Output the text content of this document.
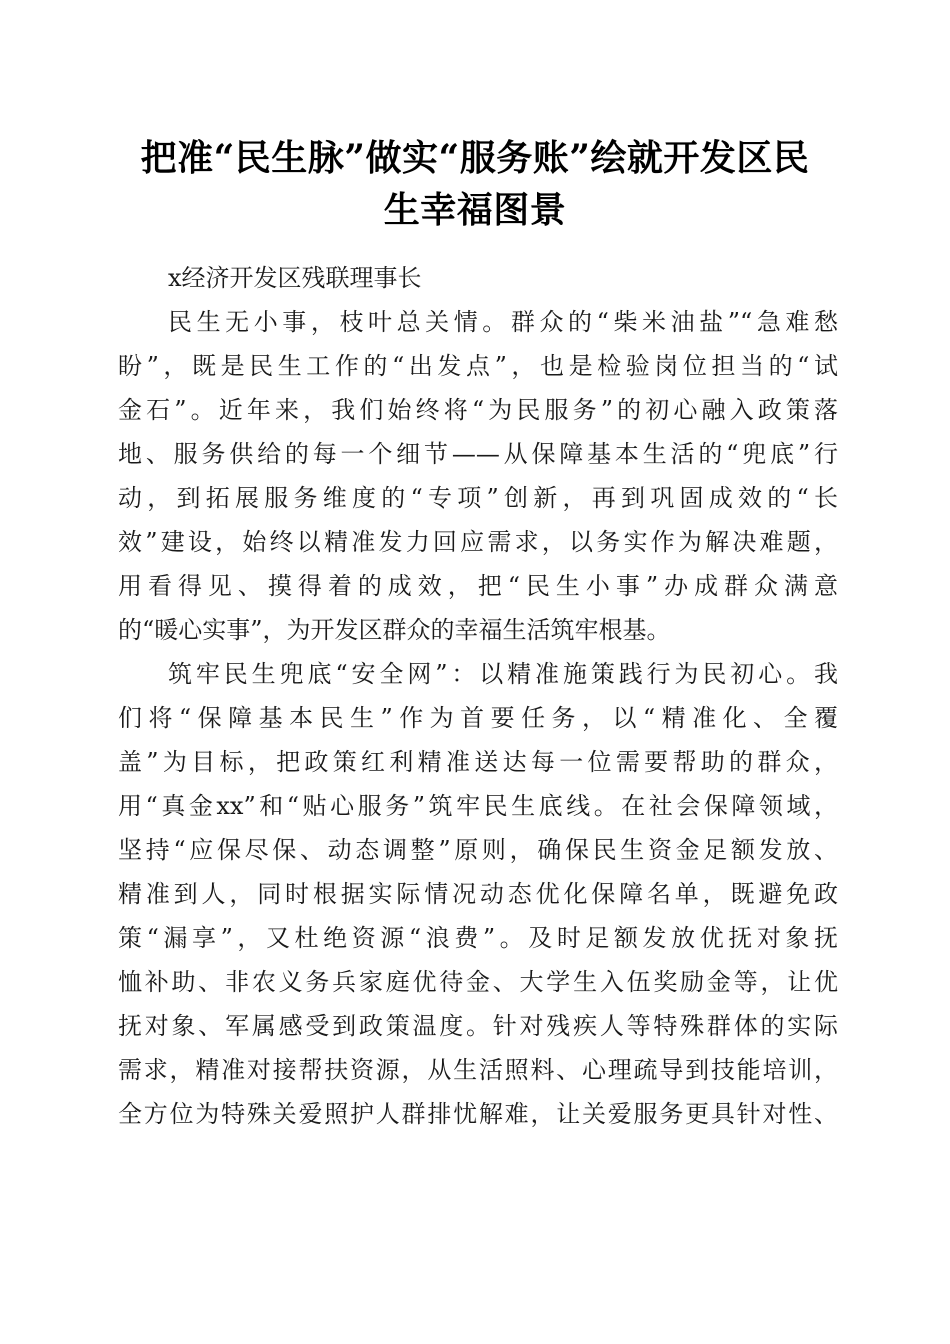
把准“民生脉”做实“服务账”绘就开发区民
生幸福图景

x经济开发区残联理事长

民生无小事，枝叶总关情。群众的“柴米油盐”“急难愁
盼”，既是民生工作的“出发点”，也是检验岗位担当的“试
金石”。近年来，我们始终将“为民服务”的初心融入政策落
地、服务供给的每一个细节——从保障基本生活的“兜底”行
动，到拓展服务维度的“专项”创新，再到巩固成效的“长
效”建设，始终以精准发力回应需求，以务实作为解决难题，
用看得见、摸得着的成效，把“民生小事”办成群众满意
的“暖心实事”，为开发区群众的幸福生活筑牢根基。

筑牢民生兜底“安全网”：以精准施策践行为民初心。我
们将“保障基本民生”作为首要任务，以“精准化、全覆
盖”为目标，把政策红利精准送达每一位需要帮助的群众，
用“真金xx”和“贴心服务”筑牢民生底线。在社会保障领域，
坚持“应保尽保、动态调整”原则，确保民生资金足额发放、
精准到人，同时根据实际情况动态优化保障名单，既避免政
策“漏享”，又杜绝资源“浪费”。及时足额发放优抚对象抚
恤补助、非农义务兵家庭优待金、大学生入伍奖励金等，让优
抚对象、军属感受到政策温度。针对残疾人等特殊群体的实际
需求，精准对接帮扶资源，从生活照料、心理疏导到技能培训，
全方位为特殊关爱照护人群排忧解难，让关爱服务更具针对性、
